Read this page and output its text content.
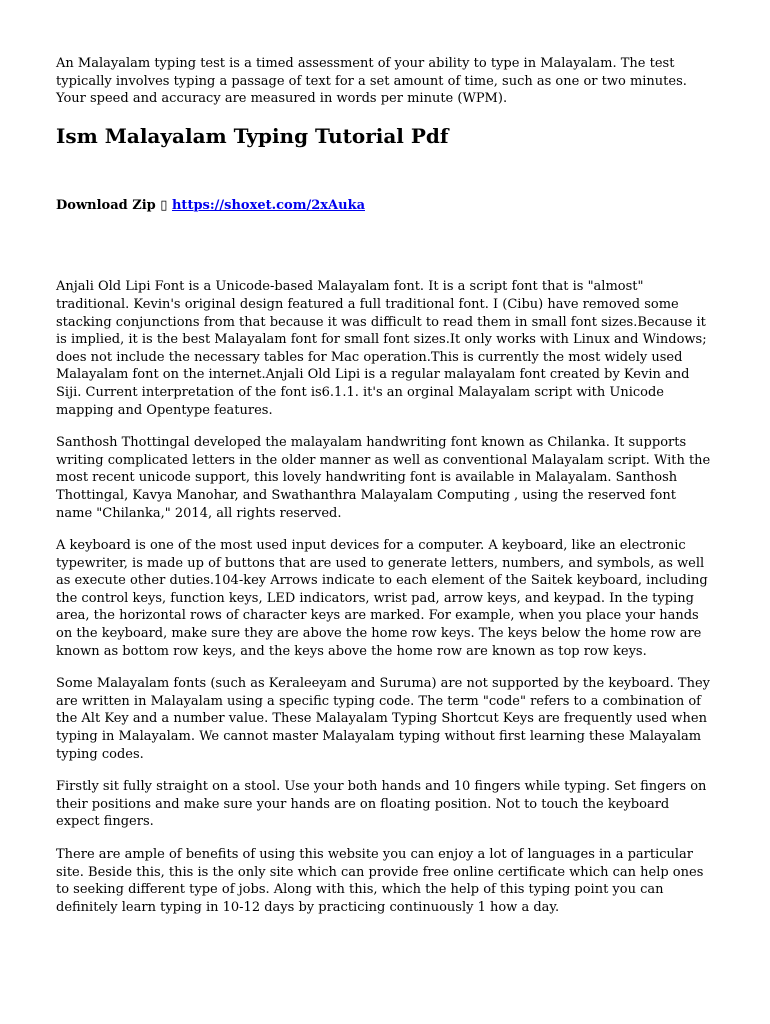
An Malayalam typing test is a timed assessment of your ability to type in Malayalam. The test typically involves typing a passage of text for a set amount of time, such as one or two minutes. Your speed and accuracy are measured in words per minute (WPM).

Ism Malayalam Typing Tutorial Pdf
Download Zip ▯ https://shoxet.com/2xAuka

Anjali Old Lipi Font is a Unicode-based Malayalam font. It is a script font that is "almost" traditional. Kevin's original design featured a full traditional font. I (Cibu) have removed some stacking conjunctions from that because it was difficult to read them in small font sizes.Because it is implied, it is the best Malayalam font for small font sizes.It only works with Linux and Windows; does not include the necessary tables for Mac operation.This is currently the most widely used Malayalam font on the internet.Anjali Old Lipi is a regular malayalam font created by Kevin and Siji. Current interpretation of the font is6.1.1. it's an orginal Malayalam script with Unicode mapping and Opentype features.

Santhosh Thottingal developed the malayalam handwriting font known as Chilanka. It supports writing complicated letters in the older manner as well as conventional Malayalam script. With the most recent unicode support, this lovely handwriting font is available in Malayalam. Santhosh Thottingal, Kavya Manohar, and Swathanthra Malayalam Computing , using the reserved font name "Chilanka," 2014, all rights reserved.

A keyboard is one of the most used input devices for a computer. A keyboard, like an electronic typewriter, is made up of buttons that are used to generate letters, numbers, and symbols, as well as execute other duties.104-key Arrows indicate to each element of the Saitek keyboard, including the control keys, function keys, LED indicators, wrist pad, arrow keys, and keypad. In the typing area, the horizontal rows of character keys are marked. For example, when you place your hands on the keyboard, make sure they are above the home row keys. The keys below the home row are known as bottom row keys, and the keys above the home row are known as top row keys.

Some Malayalam fonts (such as Keraleeyam and Suruma) are not supported by the keyboard. They are written in Malayalam using a specific typing code. The term "code" refers to a combination of the Alt Key and a number value. These Malayalam Typing Shortcut Keys are frequently used when typing in Malayalam. We cannot master Malayalam typing without first learning these Malayalam typing codes.

Firstly sit fully straight on a stool. Use your both hands and 10 fingers while typing. Set fingers on their positions and make sure your hands are on floating position. Not to touch the keyboard expect fingers.

There are ample of benefits of using this website you can enjoy a lot of languages in a particular site. Beside this, this is the only site which can provide free online certificate which can help ones to seeking different type of jobs. Along with this, which the help of this typing point you can definitely learn typing in 10-12 days by practicing continuously 1 how a day.
